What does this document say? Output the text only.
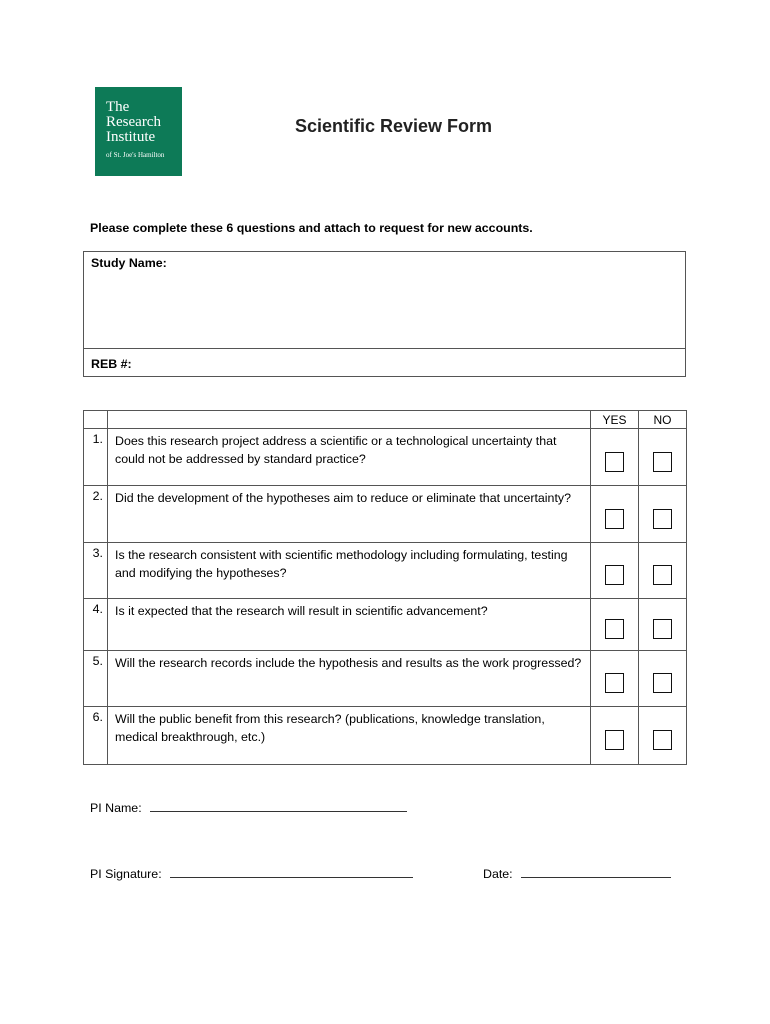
The
Research
Institute
of St. Joe's Hamilton
Scientific Review Form
Please complete these 6 questions and attach to request for new accounts.
Study Name:
REB #:
		YES	NO
1.	Does this research project address a scientific or a technological uncertainty that could not be addressed by standard practice?		
2.	Did the development of the hypotheses aim to reduce or eliminate that uncertainty?		
3.	Is the research consistent with scientific methodology including formulating, testing and modifying the hypotheses?		
4.	Is it expected that the research will result in scientific advancement?		
5.	Will the research records include the hypothesis and results as the work progressed?		
6.	Will the public benefit from this research? (publications, knowledge translation, medical breakthrough, etc.)		
PI Name:
PI Signature:	Date:
